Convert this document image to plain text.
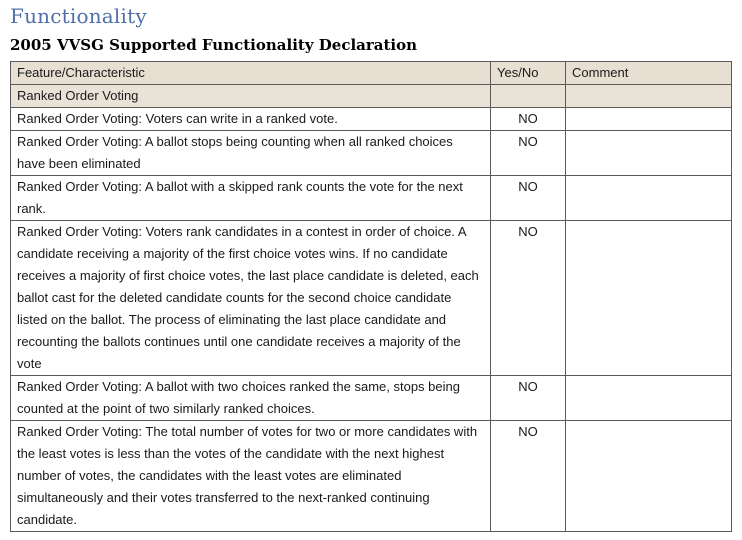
Functionality
2005 VVSG Supported Functionality Declaration
Feature/Characteristic	Yes/No	Comment
Ranked Order Voting		
Ranked Order Voting: Voters can write in a ranked vote.	NO	
Ranked Order Voting: A ballot stops being counting when all ranked choices have been eliminated	NO	
Ranked Order Voting: A ballot with a skipped rank counts the vote for the next rank.	NO	
Ranked Order Voting: Voters rank candidates in a contest in order of choice. A candidate receiving a majority of the first choice votes wins. If no candidate receives a majority of first choice votes, the last place candidate is deleted, each ballot cast for the deleted candidate counts for the second choice candidate listed on the ballot. The process of eliminating the last place candidate and recounting the ballots continues until one candidate receives a majority of the vote	NO	
Ranked Order Voting: A ballot with two choices ranked the same, stops being counted at the point of two similarly ranked choices.	NO	
Ranked Order Voting: The total number of votes for two or more candidates with the least votes is less than the votes of the candidate with the next highest number of votes, the candidates with the least votes are eliminated simultaneously and their votes transferred to the next-ranked continuing candidate.	NO	
